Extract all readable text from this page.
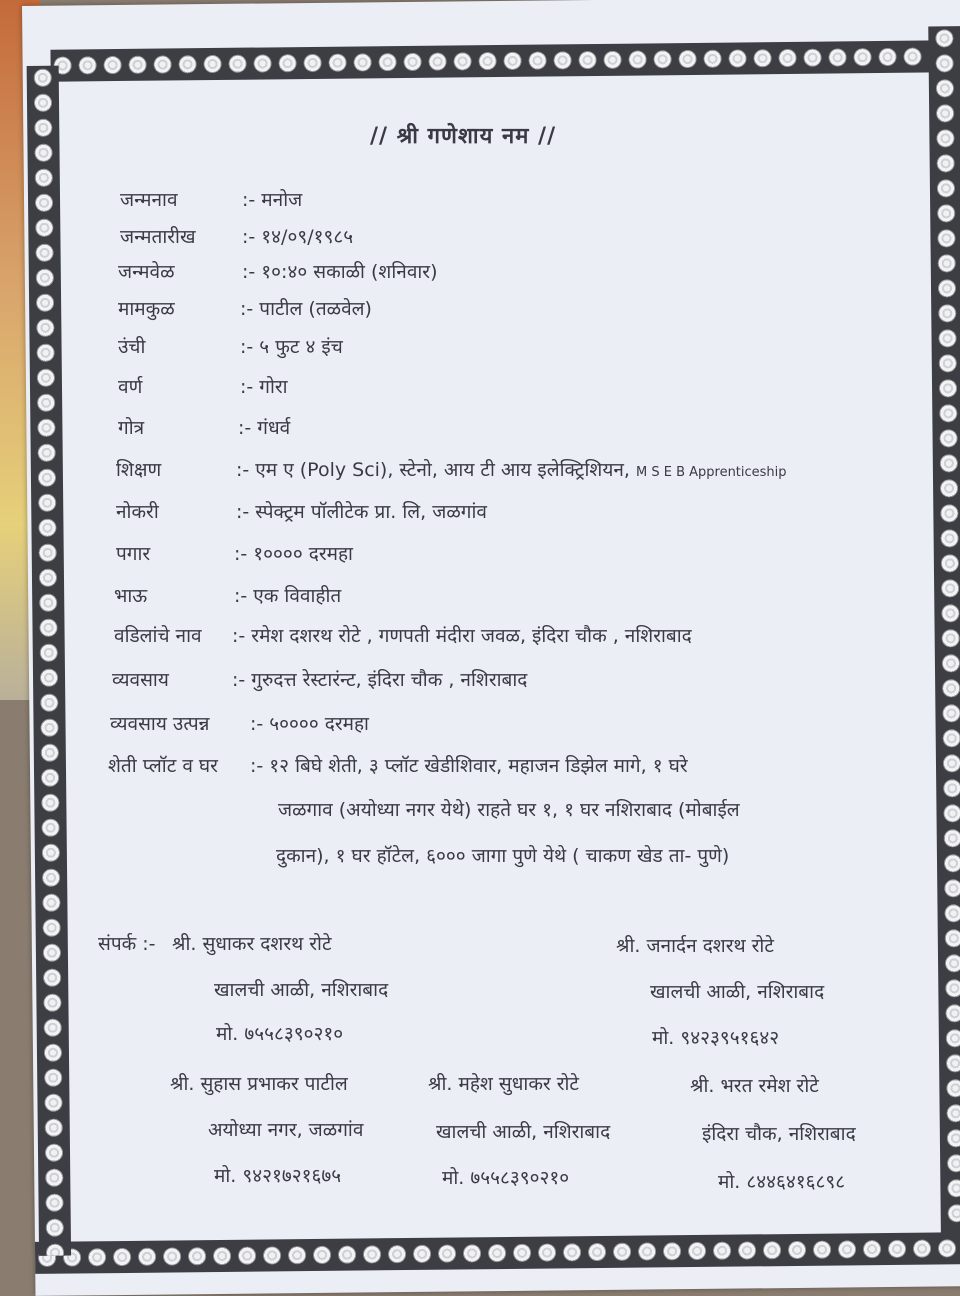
// श्री गणेशाय नम //
जन्मनाव	:- मनोज
जन्मतारीख :- १४/०९/१९८५
जन्मवेळ	:- १०:४० सकाळी (शनिवार)
मामकुळ	:- पाटील (तळवेल)
उंची	:- ५ फुट ४ इंच
वर्ण	:- गोरा
गोत्र	:- गंधर्व
शिक्षण	:- एम ए (Poly Sci), स्टेनो, आय टी आय इलेक्ट्रिशियन, M S E B Apprenticeship
नोकरी	:- स्पेक्ट्रम पॉलीटेक प्रा. लि, जळगांव
पगार	:- १०००० दरमहा
भाऊ	:- एक विवाहीत
वडिलांचे नाव :- रमेश दशरथ रोटे , गणपती मंदीरा जवळ, इंदिरा चौक , नशिराबाद
व्यवसाय	:- गुरुदत्त रेस्टारंन्ट, इंदिरा चौक , नशिराबाद
व्यवसाय उत्पन्न :- ५०००० दरमहा
शेती प्लॉट व घर :- १२ बिघे शेती, ३ प्लॉट खेडीशिवार, महाजन डिझेल मागे, १ घरे
जळगाव (अयोध्या नगर येथे) राहते घर १, १ घर नशिराबाद (मोबाईल
दुकान), १ घर हॉटेल, ६००० जागा पुणे येथे ( चाकण खेड ता- पुणे)
संपर्क :- श्री. सुधाकर दशरथ रोटे
खालची आळी, नशिराबाद
मो. ७५५८३९०२१०
श्री. जनार्दन दशरथ रोटे
खालची आळी, नशिराबाद
मो. ९४२३९५१६४२
श्री. सुहास प्रभाकर पाटील
अयोध्या नगर, जळगांव
मो. ९४२१७२१६७५
श्री. महेश सुधाकर रोटे
खालची आळी, नशिराबाद
मो. ७५५८३९०२१०
श्री. भरत रमेश रोटे
इंदिरा चौक, नशिराबाद
मो. ८४४६४१६८९८
